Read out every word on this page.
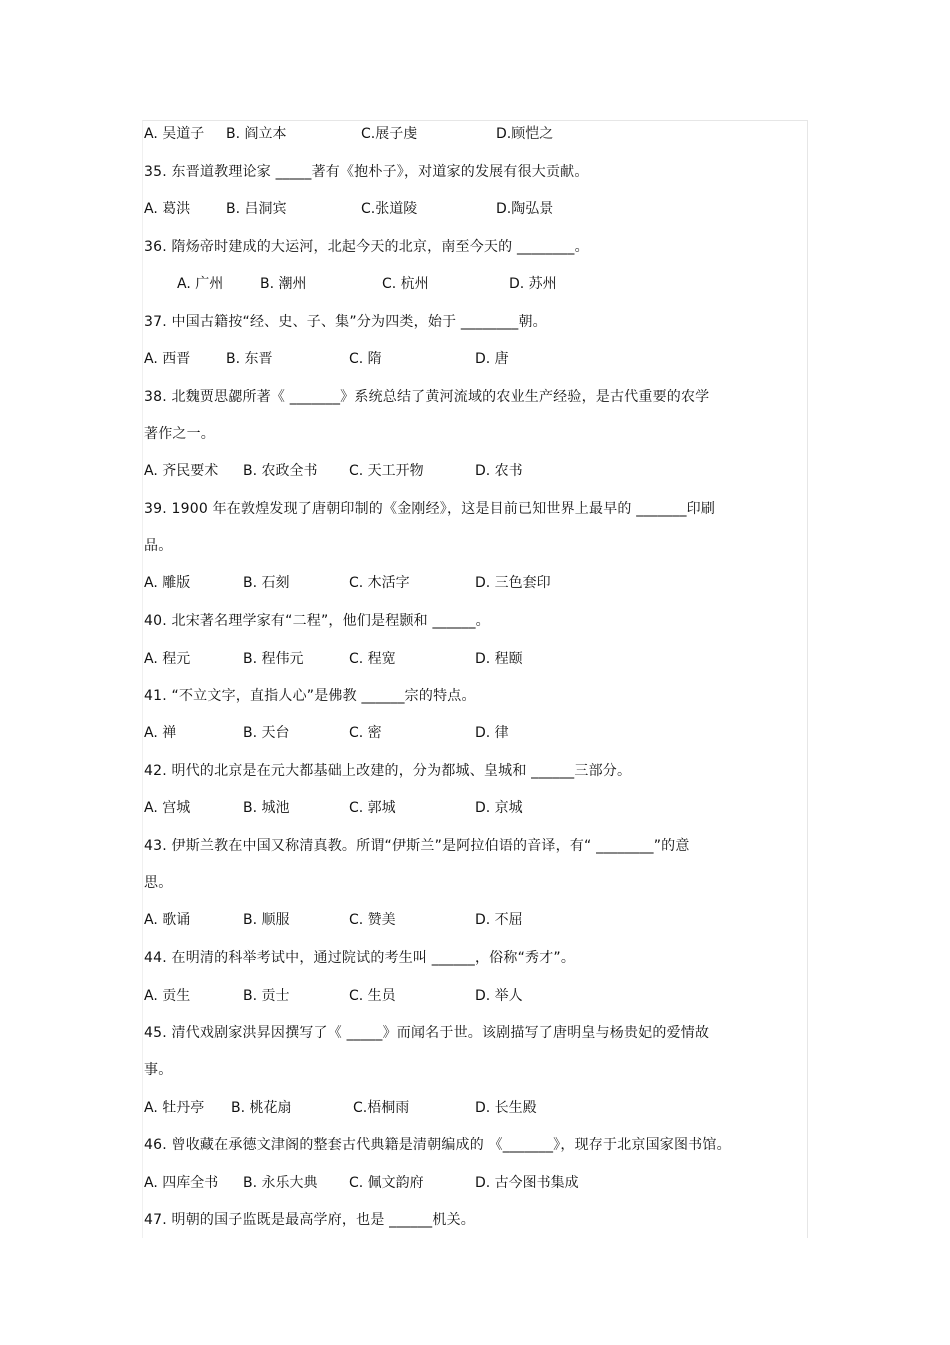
A. 吴道子 B. 阎立本	C.展子虔	D.顾恺之
35. 东晋道教理论家 _____著有《抱朴子》，对道家的发展有很大贡献。
A. 葛洪	B. 吕洞宾	C.张道陵	D.陶弘景
36. 隋炀帝时建成的大运河，北起今天的北京，南至今天的 ________。
A. 广州	B. 潮州	C. 杭州	D. 苏州
37. 中国古籍按“经、史、子、集”分为四类，始于 ________朝。
A. 西晋	B. 东晋	C. 隋	D. 唐
38. 北魏贾思勰所著《 _______》系统总结了黄河流域的农业生产经验，是古代重要的农学
著作之一。
A. 齐民要术 B. 农政全书 C. 天工开物	D. 农书
39. 1900 年在敦煌发现了唐朝印制的《金刚经》，这是目前已知世界上最早的 _______印刷
品。
A. 雕版	B. 石刻	C. 木活字	D. 三色套印
40. 北宋著名理学家有“二程”，他们是程颢和 ______。
A. 程元	B. 程伟元	C. 程宽	D. 程颐
41. “不立文字，直指人心”是佛教 ______宗的特点。
A. 禅	B. 天台	C. 密	D. 律
42. 明代的北京是在元大都基础上改建的，分为都城、皇城和 ______三部分。
A. 宫城	B. 城池	C. 郭城	D. 京城
43. 伊斯兰教在中国又称清真教。所谓“伊斯兰”是阿拉伯语的音译，有“ ________”的意
思。
A. 歌诵	B. 顺服	C. 赞美	D. 不屈
44. 在明清的科举考试中，通过院试的考生叫 ______，俗称“秀才”。
A. 贡生	B. 贡士	C. 生员	D. 举人
45. 清代戏剧家洪昇因撰写了《 _____》而闻名于世。该剧描写了唐明皇与杨贵妃的爱情故
事。
A. 牡丹亭 B. 桃花扇	C.梧桐雨	D. 长生殿
46. 曾收藏在承德文津阁的整套古代典籍是清朝编成的 《_______》，现存于北京国家图书馆。
A. 四库全书 B. 永乐大典 C. 佩文韵府	D. 古今图书集成
47. 明朝的国子监既是最高学府，也是 ______机关。
